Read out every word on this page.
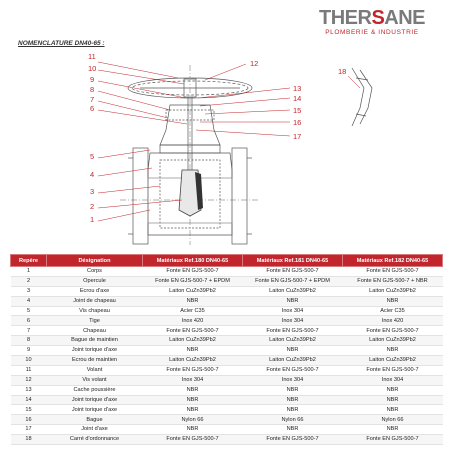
THERSANE
PLOMBERIE & INDUSTRIE
NOMENCLATURE DN40-65 :
11
10
9
8
7
6
5
4
3
2
1
12
13
14
15
16
17
18
Repère	Désignation	Matériaux Ref.180 DN40-65	Matériaux Ref.181 DN40-65	Matériaux Ref.182 DN40-65
1	Corps	Fonte EN GJS-500-7	Fonte EN GJS-500-7	Fonte EN GJS-500-7
2	Opercule	Fonte EN GJS-500-7 + EPDM	Fonte EN GJS-500-7 + EPDM	Fonte EN GJS-500-7 + NBR
3	Ecrou d'axe	Laiton CuZn39Pb2	Laiton CuZn39Pb2	Laiton CuZn39Pb2
4	Joint de chapeau	NBR	NBR	NBR
5	Vis chapeau	Acier C35	Inox 304	Acier C35
6	Tige	Inox 420	Inox 304	Inox 420
7	Chapeau	Fonte EN GJS-500-7	Fonte EN GJS-500-7	Fonte EN GJS-500-7
8	Bague de maintien	Laiton CuZn39Pb2	Laiton CuZn39Pb2	Laiton CuZn39Pb2
9	Joint torique d'axe	NBR	NBR	NBR
10	Ecrou de maintien	Laiton CuZn39Pb2	Laiton CuZn39Pb2	Laiton CuZn39Pb2
11	Volant	Fonte EN GJS-500-7	Fonte EN GJS-500-7	Fonte EN GJS-500-7
12	Vis volant	Inox 304	Inox 304	Inox 304
13	Cache poussière	NBR	NBR	NBR
14	Joint torique d'axe	NBR	NBR	NBR
15	Joint torique d'axe	NBR	NBR	NBR
16	Bague	Nylon 66	Nylon 66	Nylon 66
17	Joint d'axe	NBR	NBR	NBR
18	Carré d'ordonnance	Fonte EN GJS-500-7	Fonte EN GJS-500-7	Fonte EN GJS-500-7
